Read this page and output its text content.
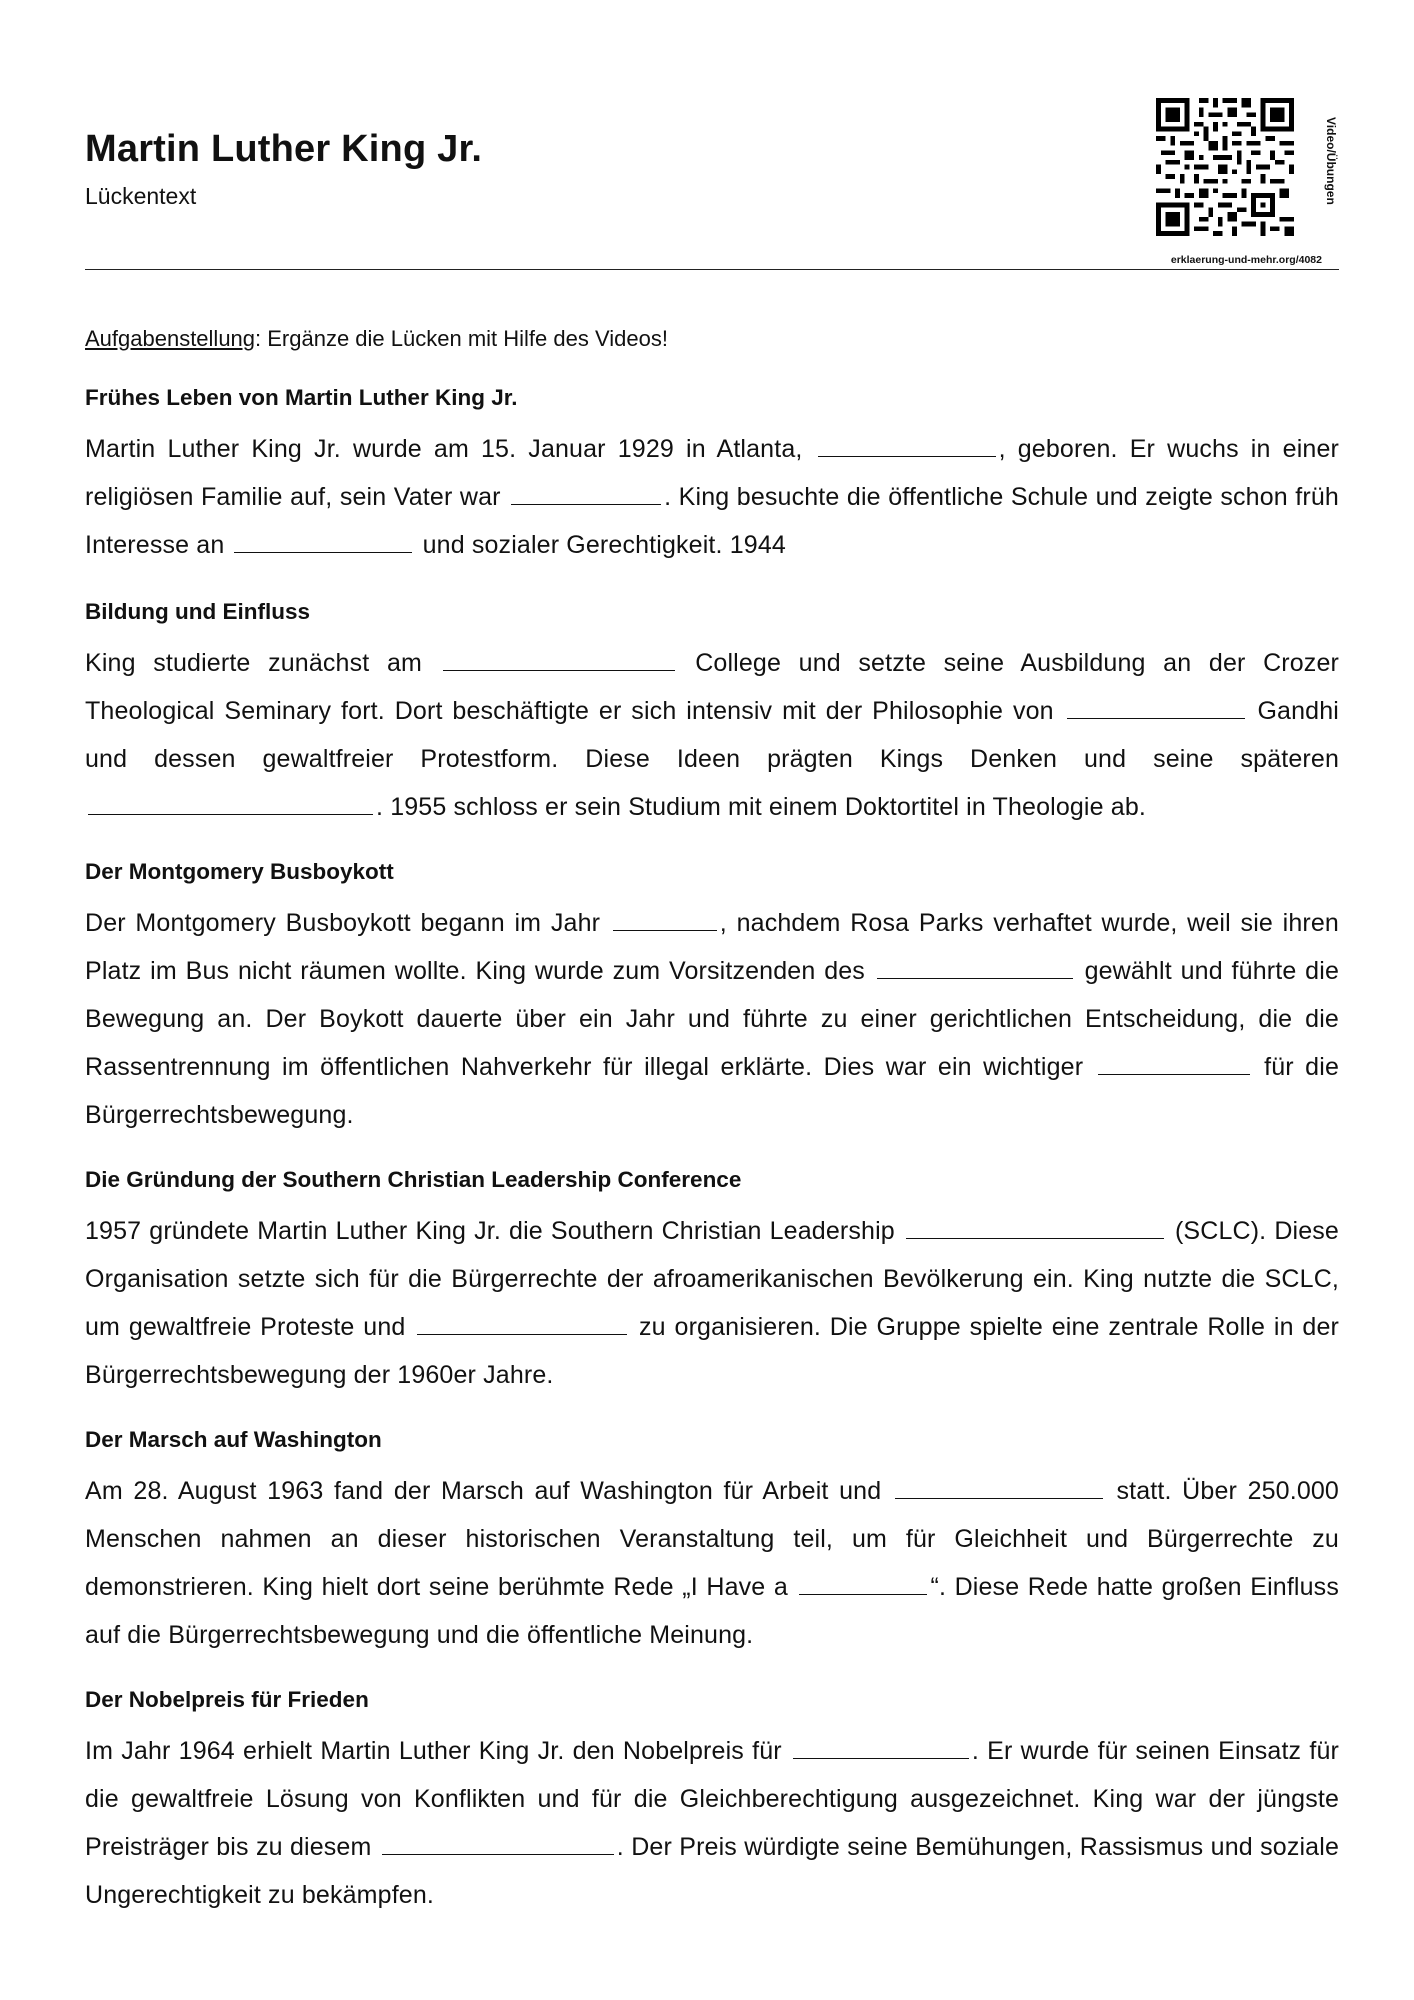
Martin Luther King Jr.
Lückentext	Video/Übungen
erklaerung-und-mehr.org/4082
Aufgabenstellung: Ergänze die Lücken mit Hilfe des Videos!
Frühes Leben von Martin Luther King Jr.
Martin Luther King Jr. wurde am 15. Januar 1929 in Atlanta,	, geboren. Er wuchs in einer religiösen Familie auf, sein Vater war	. King besuchte die öffentliche Schule und zeigte schon früh Interesse an	und sozialer Gerechtigkeit. 1944
Bildung und Einfluss
King studierte zunächst am	College und setzte seine Ausbildung an der Crozer Theological Seminary fort. Dort beschäftigte er sich intensiv mit der Philosophie von	Gandhi und dessen gewaltfreier Protestform. Diese Ideen prägten Kings Denken und seine späteren . 1955 schloss er sein Studium mit einem Doktortitel in Theologie ab.
Der Montgomery Busboykott
Der Montgomery Busboykott begann im Jahr	, nachdem Rosa Parks verhaftet wurde, weil sie ihren Platz im Bus nicht räumen wollte. King wurde zum Vorsitzenden des	gewählt und führte die Bewegung an. Der Boykott dauerte über ein Jahr und führte zu einer gerichtlichen Entscheidung, die die Rassentrennung im öffentlichen Nahverkehr für illegal erklärte. Dies war ein wichtiger	für die Bürgerrechtsbewegung.
Die Gründung der Southern Christian Leadership Conference
1957 gründete Martin Luther King Jr. die Southern Christian Leadership	(SCLC). Diese Organisation setzte sich für die Bürgerrechte der afroamerikanischen Bevölkerung ein. King nutzte die SCLC, um gewaltfreie Proteste und	zu organisieren. Die Gruppe spielte eine zentrale Rolle in der Bürgerrechtsbewegung der 1960er Jahre.
Der Marsch auf Washington
Am 28. August 1963 fand der Marsch auf Washington für Arbeit und	statt. Über 250.000 Menschen nahmen an dieser historischen Veranstaltung teil, um für Gleichheit und Bürgerrechte zu demonstrieren. King hielt dort seine berühmte Rede „I Have a	“. Diese Rede hatte großen Einfluss auf die Bürgerrechtsbewegung und die öffentliche Meinung.
Der Nobelpreis für Frieden
Im Jahr 1964 erhielt Martin Luther King Jr. den Nobelpreis für	. Er wurde für seinen Einsatz für die gewaltfreie Lösung von Konflikten und für die Gleichberechtigung ausgezeichnet. King war der jüngste Preisträger bis zu diesem	. Der Preis würdigte seine Bemühungen, Rassismus und soziale Ungerechtigkeit zu bekämpfen.
